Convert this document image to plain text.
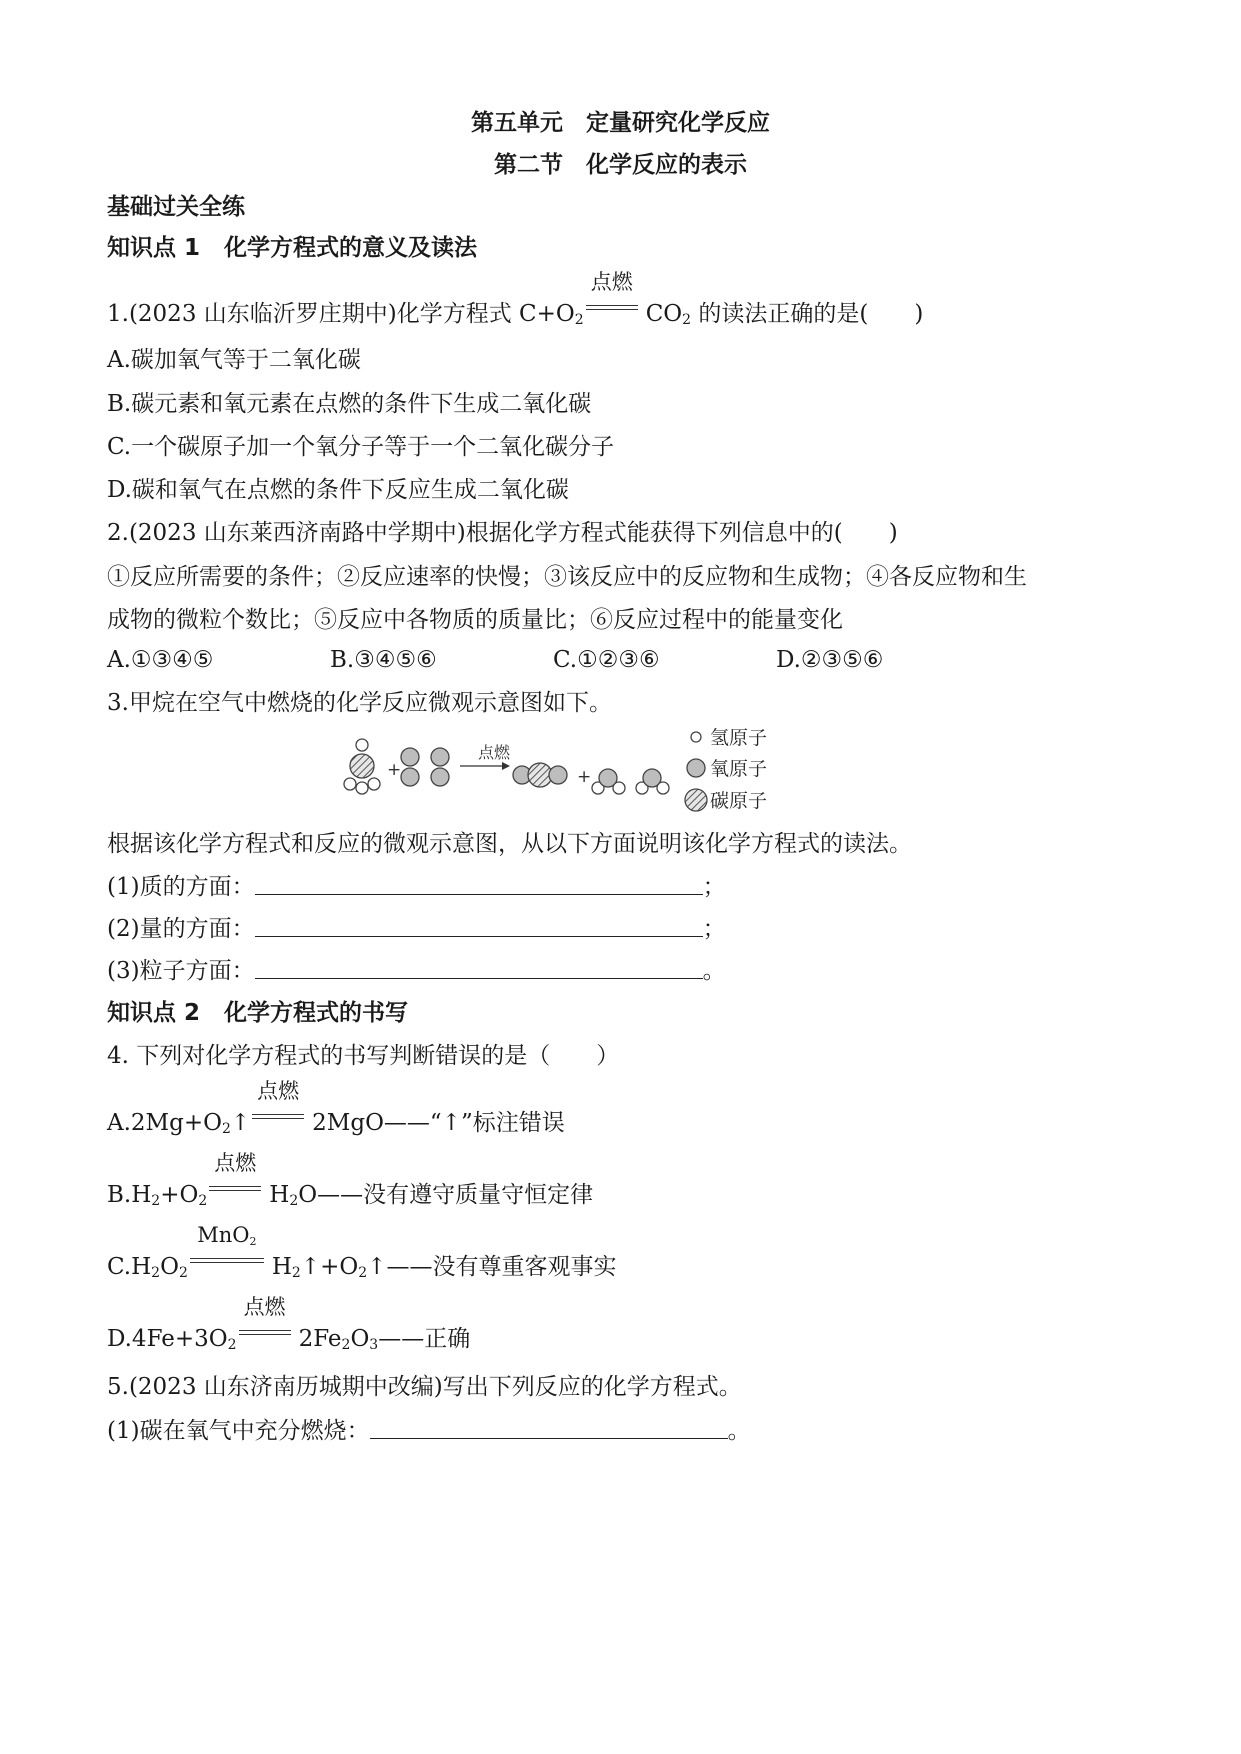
第五单元　定量研究化学反应
第二节　化学反应的表示
基础过关全练
知识点 1 化学方程式的意义及读法
1.(2023 山东临沂罗庄期中)化学方程式 $C+O_2$
点燃
$CO_2$ 的读法正确的是(　　)
A.碳加氧气等于二氧化碳
B.碳元素和氧元素在点燃的条件下生成二氧化碳
C.一个碳原子加一个氧分子等于一个二氧化碳分子
D.碳和氧气在点燃的条件下反应生成二氧化碳
2.(2023 山东莱西济南路中学期中)根据化学方程式能获得下列信息中的(　　)
①反应所需要的条件；②反应速率的快慢；③该反应中的反应物和生成物；④各反应物和生
成物的微粒个数比；⑤反应中各物质的质量比；⑥反应过程中的能量变化
A.①③④⑤	B.③④⑤⑥	C.①②③⑥	D.②③⑤⑥
3.甲烷在空气中燃烧的化学反应微观示意图如下。
+
点燃
+
氢原子
氧原子
碳原子
根据该化学方程式和反应的微观示意图，从以下方面说明该化学方程式的读法。
(1)质的方面：	；
(2)量的方面：	；
(3)粒子方面：	。
知识点 2 化学方程式的书写
4. 下列对化学方程式的书写判断错误的是（　　）
$A.2Mg+O_2↑$
点燃
2MgO——“↑”标注错误
$B.H_2+O_2$
点燃
$H_2O——$没有遵守质量守恒定律
$C.H_2O_2$
MnO$_2$
$H_2↑+O_2↑——$没有尊重客观事实
$D.4Fe+3O_2$
点燃
$2Fe_2O_3——$正确
5.(2023 山东济南历城期中改编)写出下列反应的化学方程式。
(1)碳在氧气中充分燃烧：	。
